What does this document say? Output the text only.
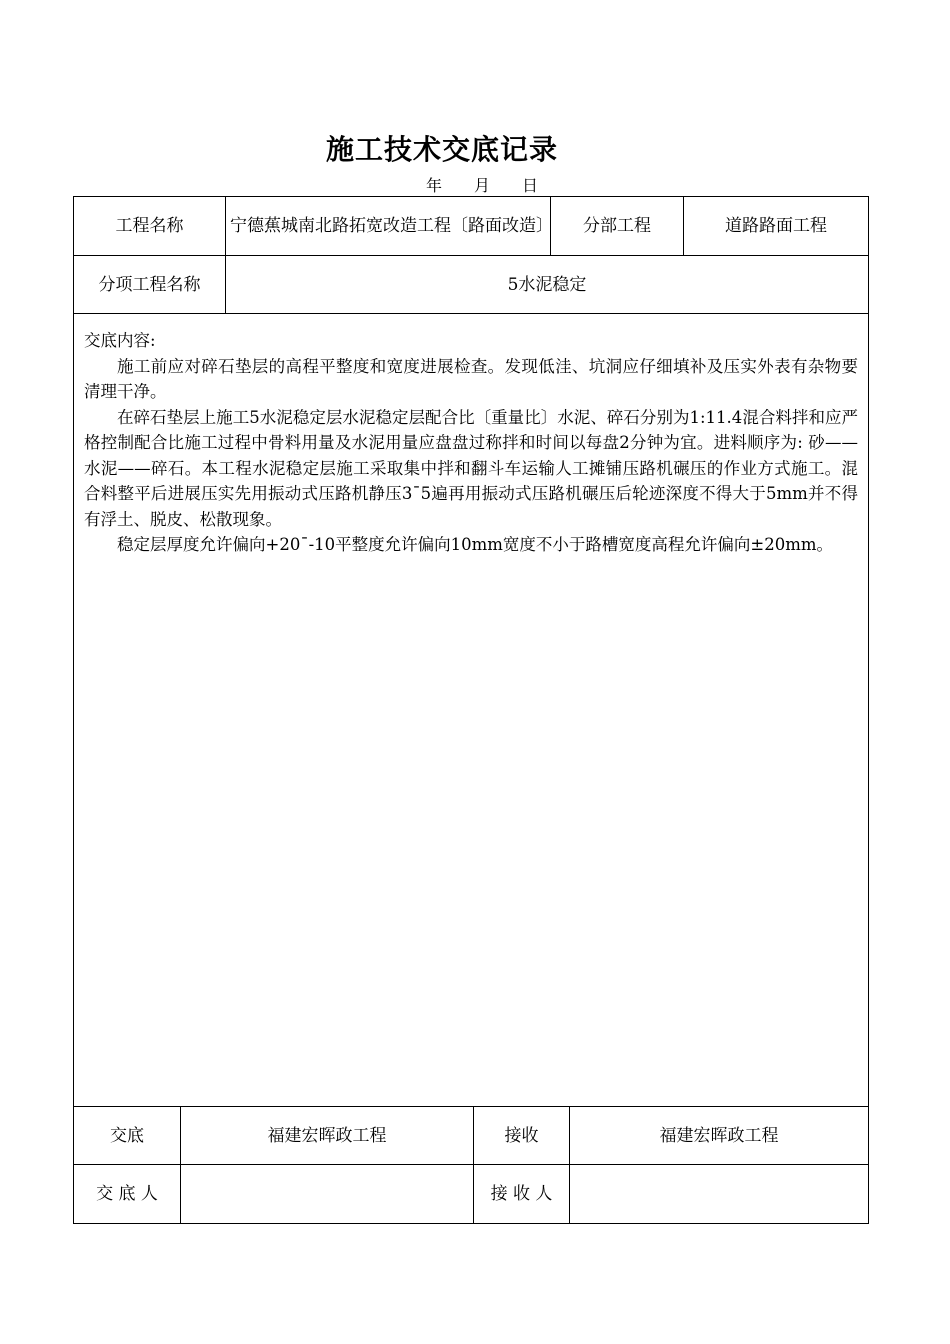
施工技术交底记录
年 月 日
工程名称	宁德蕉城南北路拓宽改造工程〔路面改造〕	分部工程	道路路面工程
分项工程名称	5水泥稳定		

交底内容:

施工前应对碎石垫层的高程平整度和宽度进展检查。发现低洼、坑洞应仔细填补及压实外表有杂物要清理干净。

在碎石垫层上施工5水泥稳定层水泥稳定层配合比〔重量比〕水泥、碎石分别为1:11.4混合料拌和应严格控制配合比施工过程中骨料用量及水泥用量应盘盘过称拌和时间以每盘2分钟为宜。进料顺序为: 砂——水泥——碎石。本工程水泥稳定层施工采取集中拌和翻斗车运输人工摊铺压路机碾压的作业方式施工。混合料整平后进展压实先用振动式压路机静压3¯5遍再用振动式压路机碾压后轮迹深度不得大于5mm并不得有浮土、脱皮、松散现象。

稳定层厚度允许偏向+20¯-10平整度允许偏向10mm宽度不小于路槽宽度高程允许偏向±20mm。			

交底	福建宏晖政工程	接收	福建宏晖政工程
交 底 人		接 收 人	
